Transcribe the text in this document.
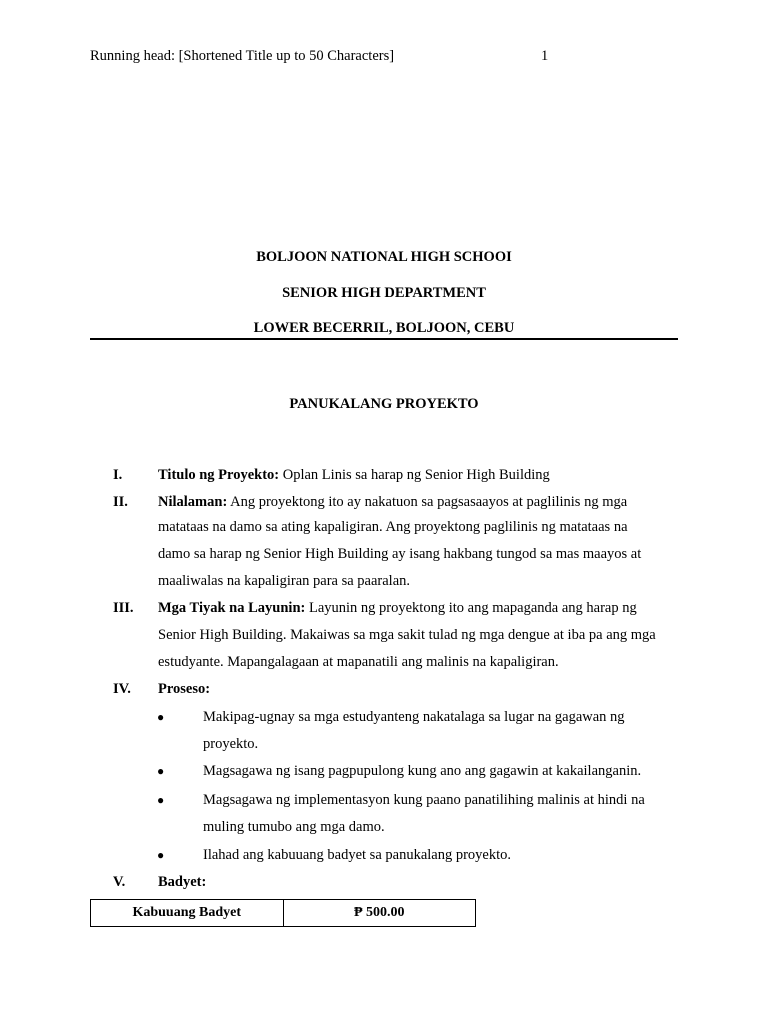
Running head: [Shortened Title up to 50 Characters]	1
BOLJOON NATIONAL HIGH SCHOOI
SENIOR HIGH DEPARTMENT
LOWER BECERRIL, BOLJOON, CEBU
PANUKALANG PROYEKTO
I. Titulo ng Proyekto: Oplan Linis sa harap ng Senior High Building
II. Nilalaman: Ang proyektong ito ay nakatuon sa pagsasaayos at paglilinis ng mga
matataas na damo sa ating kapaligiran. Ang proyektong paglilinis ng matataas na
damo sa harap ng Senior High Building ay isang hakbang tungod sa mas maayos at
maaliwalas na kapaligiran para sa paaralan.
III. Mga Tiyak na Layunin: Layunin ng proyektong ito ang mapaganda ang harap ng
Senior High Building. Makaiwas sa mga sakit tulad ng mga dengue at iba pa ang mga
estudyante. Mapangalagaan at mapanatili ang malinis na kapaligiran.
IV. Proseso:
●	Makipag-ugnay sa mga estudyanteng nakatalaga sa lugar na gagawan ng
proyekto.
●	Magsagawa ng isang pagpupulong kung ano ang gagawin at kakailanganin.
●	Magsagawa ng implementasyon kung paano panatilihing malinis at hindi na
muling tumubo ang mga damo.
●	Ilahad ang kabuuang badyet sa panukalang proyekto.
V. Badyet:
Kabuuang Badyet	₱ 500.00
